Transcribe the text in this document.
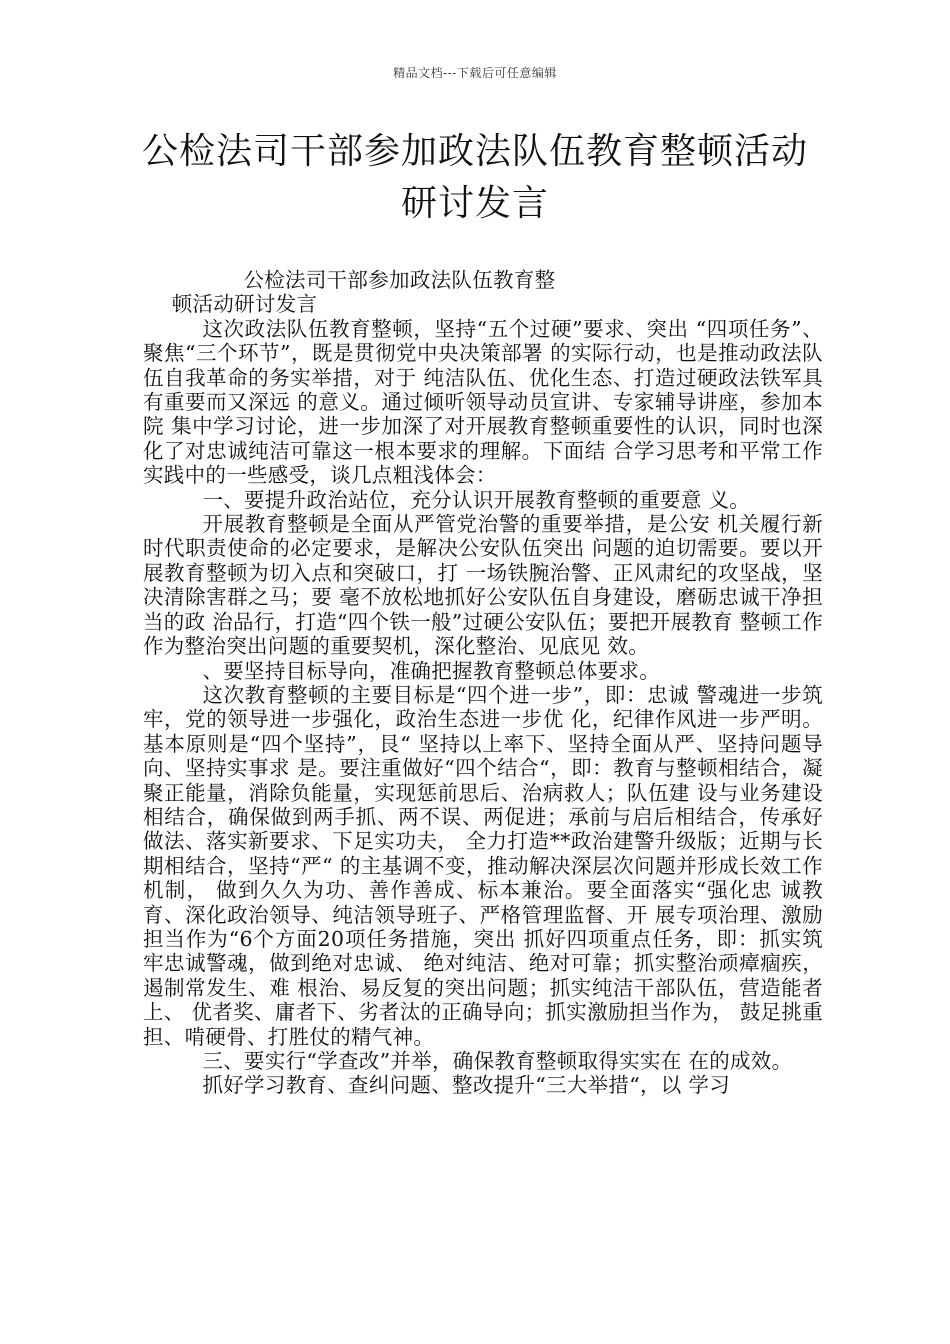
精品文档---下载后可任意编辑
公检法司干部参加政法队伍教育整顿活动
研讨发言

公检法司干部参加政法队伍教育整

顿活动研讨发言

这次政法队伍教育整顿，坚持“五个过硬”要求、突出 “四项任务”、聚焦“三个环节”，既是贯彻党中央决策部署 的实际行动，也是推动政法队伍自我革命的务实举措，对于 纯洁队伍、优化生态、打造过硬政法铁军具有重要而又深远 的意义。通过倾听领导动员宣讲、专家辅导讲座，参加本院 集中学习讨论，进一步加深了对开展教育整顿重要性的认识，同时也深化了对忠诚纯洁可靠这一根本要求的理解。下面结 合学习思考和平常工作实践中的一些感受，谈几点粗浅体会：

一、要提升政治站位，充分认识开展教育整顿的重要意 义。

开展教育整顿是全面从严管党治警的重要举措，是公安 机关履行新时代职责使命的必定要求，是解决公安队伍突出 问题的迫切需要。要以开展教育整顿为切入点和突破口，打 一场铁腕治警、正风肃纪的攻坚战，坚决清除害群之马；要 毫不放松地抓好公安队伍自身建设，磨砺忠诚干净担当的政 治品行，打造“四个铁一般”过硬公安队伍；要把开展教育 整顿工作作为整治突出问题的重要契机，深化整治、见底见 效。

、要坚持目标导向，准确把握教育整顿总体要求。

这次教育整顿的主要目标是“四个进一步”，即：忠诚 警魂进一步筑牢，党的领导进一步强化，政治生态进一步优 化，纪律作风进一步严明。基本原则是“四个坚持”，艮“ 坚持以上率下、坚持全面从严、坚持问题导向、坚持实事求 是。要注重做好“四个结合“，即：教育与整顿相结合，凝 聚正能量，消除负能量，实现惩前思后、治病救人；队伍建 设与业务建设相结合，确保做到两手抓、两不误、两促进；承前与启后相结合，传承好做法、落实新要求、下足实功夫， 全力打造**政治建警升级版；近期与长期相结合，坚持“严“ 的主基调不变，推动解决深层次问题并形成长效工作机制， 做到久久为功、善作善成、标本兼治。要全面落实“强化忠 诚教育、深化政治领导、纯洁领导班子、严格管理监督、开 展专项治理、激励担当作为“6个方面20项任务措施，突出 抓好四项重点任务，即：抓实筑牢忠诚警魂，做到绝对忠诚、 绝对纯洁、绝对可靠；抓实整治顽瘴痼疾，遏制常发生、难 根治、易反复的突出问题；抓实纯洁干部队伍，营造能者上、 优者奖、庸者下、劣者汰的正确导向；抓实激励担当作为， 鼓足挑重担、啃硬骨、打胜仗的精气神。

三、要实行“学查改”并举，确保教育整顿取得实实在 在的成效。

抓好学习教育、查纠问题、整改提升“三大举措“，以 学习
